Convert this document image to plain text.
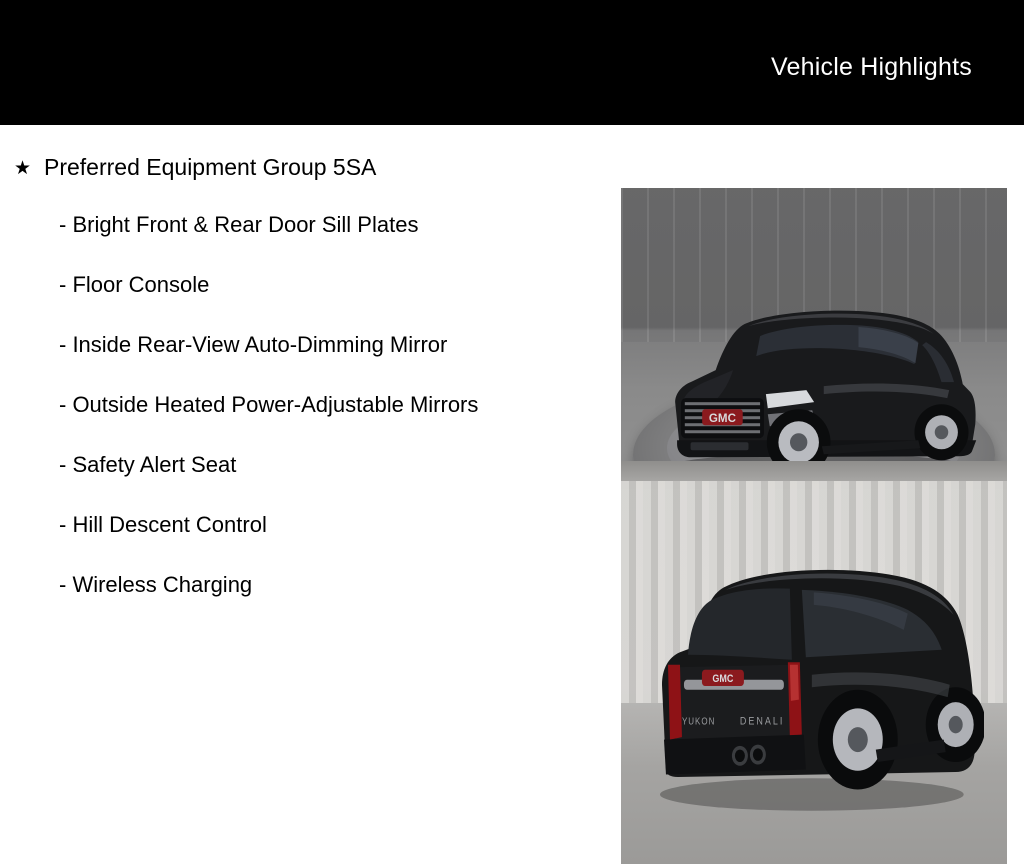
Vehicle Highlights
★ Preferred Equipment Group 5SA
- Bright Front & Rear Door Sill Plates
- Floor Console
- Inside Rear-View Auto-Dimming Mirror
- Outside Heated Power-Adjustable Mirrors
- Safety Alert Seat
- Hill Descent Control
- Wireless Charging
GMC
GMC
DENALI
YUKON
